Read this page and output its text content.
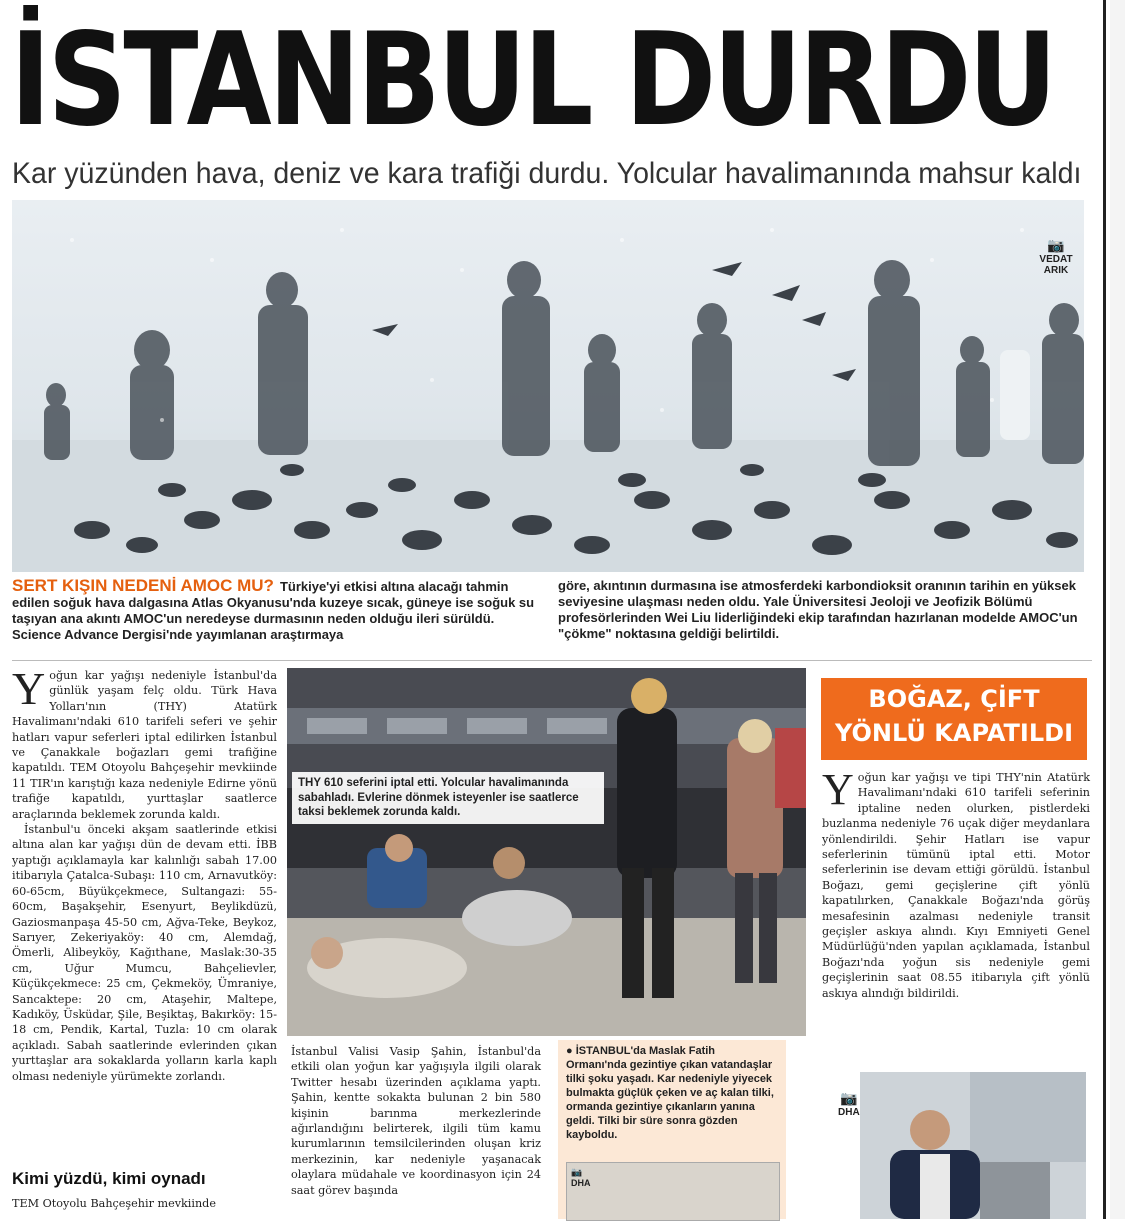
İSTANBUL DURDU
Kar yüzünden hava, deniz ve kara trafiği durdu. Yolcular havalimanında mahsur kaldı
📷
VEDAT
ARIK
SERT KIŞIN NEDENİ AMOC MU? Türkiye'yi etkisi altına alacağı tahmin edilen soğuk hava dalgasına Atlas Okyanusu'nda kuzeye sıcak, güneye ise soğuk su taşıyan ana akıntı AMOC'un neredeyse durmasının neden olduğu ileri sürüldü. Science Advance Dergisi'nde yayımlanan araştırmaya
göre, akıntının durmasına ise atmosferdeki karbondioksit oranının tarihin en yüksek seviyesine ulaşması neden oldu. Yale Üniversitesi Jeoloji ve Jeofizik Bölümü profesörlerinden Wei Liu liderliğindeki ekip tarafından hazırlanan modelde AMOC'un "çökme" noktasına geldiği belirtildi.

Yoğun kar yağışı nedeniyle İstanbul'da günlük yaşam felç oldu. Türk Hava Yolları'nın (THY) Atatürk Havalimanı'ndaki 610 tarifeli seferi ve şehir hatları vapur seferleri iptal edilirken İstanbul ve Çanakkale boğazları gemi trafiğine kapatıldı. TEM Otoyolu Bahçeşehir mevkiinde 11 TIR'ın karıştığı kaza nedeniyle Edirne yönü trafiğe kapatıldı, yurttaşlar saatlerce araçlarında beklemek zorunda kaldı.

İstanbul'u önceki akşam saatlerinde etkisi altına alan kar yağışı dün de devam etti. İBB yaptığı açıklamayla kar kalınlığı sabah 17.00 itibarıyla Çatalca-Subaşı: 110 cm, Arnavutköy: 60-65cm, Büyükçekmece, Sultangazi: 55-60cm, Başakşehir, Esenyurt, Beylikdüzü, Gaziosmanpaşa 45-50 cm, Ağva-Teke, Beykoz, Sarıyer, Zekeriyaköy: 40 cm, Alemdağ, Ömerli, Alibeyköy, Kağıthane, Maslak:30-35 cm, Uğur Mumcu, Bahçelievler, Küçükçekmece: 25 cm, Çekmeköy, Ümraniye, Sancaktepe: 20 cm, Ataşehir, Maltepe, Kadıköy, Üsküdar, Şile, Beşiktaş, Bakırköy: 15-18 cm, Pendik, Kartal, Tuzla: 10 cm olarak açıkladı. Sabah saatlerinde evlerinden çıkan yurttaşlar ara sokaklarda yolların karla kaplı olması nedeniyle yürümekte zorlandı.

Kimi yüzdü, kimi oynadı
TEM Otoyolu Bahçeşehir mevkiinde
THY 610 seferini iptal etti. Yolcular havalimanında sabahladı. Evlerine dönmek isteyenler ise saatlerce taksi beklemek zorunda kaldı.
İstanbul Valisi Vasip Şahin, İstanbul'da etkili olan yoğun kar yağışıyla ilgili olarak Twitter hesabı üzerinden açıklama yaptı. Şahin, kentte sokakta bulunan 2 bin 580 kişinin barınma merkezlerinde ağırlandığını belirterek, ilgili tüm kamu kurumlarının temsilcilerinden oluşan kriz merkezinin, kar nedeniyle yaşanacak olaylara müdahale ve koordinasyon için 24 saat görev başında
● İSTANBUL'da Maslak Fatih Ormanı'nda gezintiye çıkan vatandaşlar tilki şoku yaşadı. Kar nedeniyle yiyecek bulmakta güçlük çeken ve aç kalan tilki, ormanda gezintiye çıkanların yanına geldi. Tilki bir süre sonra gözden kayboldu.
📷
DHA
BOĞAZ, ÇİFT YÖNLÜ KAPATILDI
Yoğun kar yağışı ve tipi THY'nin Atatürk Havalimanı'ndaki 610 tarifeli seferinin iptaline neden olurken, pistlerdeki buzlanma nedeniyle 76 uçak diğer meydanlara yönlendirildi. Şehir Hatları ise vapur seferlerinin tümünü iptal etti. Motor seferlerinin ise devam ettiği görüldü. İstanbul Boğazı, gemi geçişlerine çift yönlü kapatılırken, Çanakkale Boğazı'nda görüş mesafesinin azalması nedeniyle transit geçişler askıya alındı. Kıyı Emniyeti Genel Müdürlüğü'nden yapılan açıklamada, İstanbul Boğazı'nda yoğun sis nedeniyle gemi geçişlerinin saat 08.55 itibarıyla çift yönlü askıya alındığı bildirildi.
📷
DHA
